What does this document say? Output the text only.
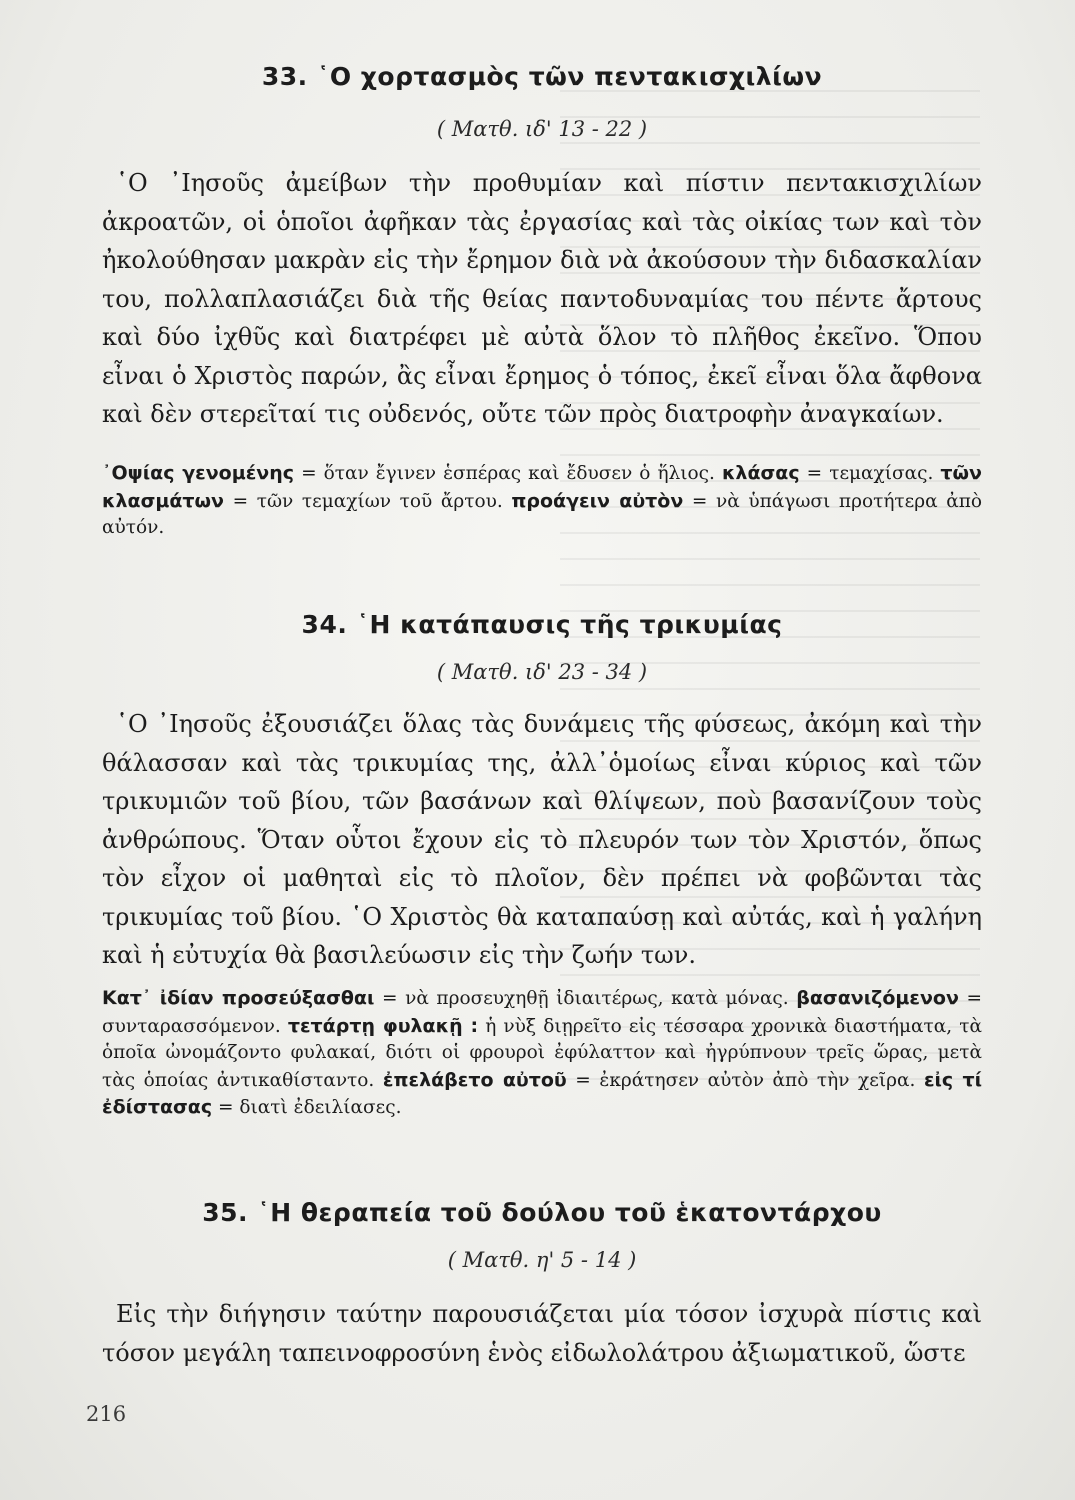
33. ῾Ο χορτασμὸς τῶν πεντακισχιλίων
( Ματθ. ιδ' 13 - 22 )
῾Ο ᾿Ιησοῦς ἀμείβων τὴν προθυμίαν καὶ πίστιν πεντακισχιλίων ἀκροατῶν, οἱ ὁποῖοι ἀφῆκαν τὰς ἐργασίας καὶ τὰς οἰκίας των καὶ τὸν ἠκολούθησαν μακρὰν εἰς τὴν ἔρημον διὰ νὰ ἀκούσουν τὴν διδασκαλίαν του, πολλαπλασιάζει διὰ τῆς θείας παντοδυναμίας του πέντε ἄρτους καὶ δύο ἰχθῦς καὶ διατρέφει μὲ αὐτὰ ὅλον τὸ πλῆθος ἐκεῖνο. Ὅπου εἶναι ὁ Χριστὸς παρών, ἂς εἶναι ἔρημος ὁ τόπος, ἐκεῖ εἶναι ὅλα ἄφθονα καὶ δὲν στερεῖταί τις οὐδενός, οὔτε τῶν πρὸς διατροφὴν ἀναγκαίων.
᾿Οψίας γενομένης = ὅταν ἔγινεν ἑσπέρας καὶ ἔδυσεν ὁ ἥλιος. κλάσας = τεμαχίσας. τῶν κλασμάτων = τῶν τεμαχίων τοῦ ἄρτου. προάγειν αὐτὸν = νὰ ὑπάγωσι προτήτερα ἀπὸ αὐτόν.
34. ῾Η κατάπαυσις τῆς τρικυμίας
( Ματθ. ιδ' 23 - 34 )
῾Ο ᾿Ιησοῦς ἐξουσιάζει ὅλας τὰς δυνάμεις τῆς φύσεως, ἀκόμη καὶ τὴν θάλασσαν καὶ τὰς τρικυμίας της, ἀλλ᾿ὁμοίως εἶναι κύριος καὶ τῶν τρικυμιῶν τοῦ βίου, τῶν βασάνων καὶ θλίψεων, ποὺ βασανίζουν τοὺς ἀνθρώπους. Ὅταν οὗτοι ἔχουν εἰς τὸ πλευρόν των τὸν Χριστόν, ὅπως τὸν εἶχον οἱ μαθηταὶ εἰς τὸ πλοῖον, δὲν πρέπει νὰ φοβῶνται τὰς τρικυμίας τοῦ βίου. ῾Ο Χριστὸς θὰ καταπαύσῃ καὶ αὐτάς, καὶ ἡ γαλήνη καὶ ἡ εὐτυχία θὰ βασιλεύωσιν εἰς τὴν ζωήν των.
Κατ᾿ ἰδίαν προσεύξασθαι = νὰ προσευχηθῇ ἰδιαιτέρως, κατὰ μόνας. βασανιζόμενον = συνταρασσόμενον. τετάρτῃ φυλακῇ : ἡ νὺξ διῃρεῖτο εἰς τέσσαρα χρονικὰ διαστήματα, τὰ ὁποῖα ὠνομάζοντο φυλακαί, διότι οἱ φρουροὶ ἐφύλαττον καὶ ἠγρύπνουν τρεῖς ὥρας, μετὰ τὰς ὁποίας ἀντικαθίσταντο. ἐπελάβετο αὐτοῦ = ἐκράτησεν αὐτὸν ἀπὸ τὴν χεῖρα. εἰς τί ἐδίστασας = διατὶ ἐδειλίασες.
35. ῾Η θεραπεία τοῦ δούλου τοῦ ἑκατοντάρχου
( Ματθ. η' 5 - 14 )
Εἰς τὴν διήγησιν ταύτην παρουσιάζεται μία τόσον ἰσχυρὰ πίστις καὶ τόσον μεγάλη ταπεινοφροσύνη ἑνὸς εἰδωλολάτρου ἀξιωματικοῦ, ὥστε
216
